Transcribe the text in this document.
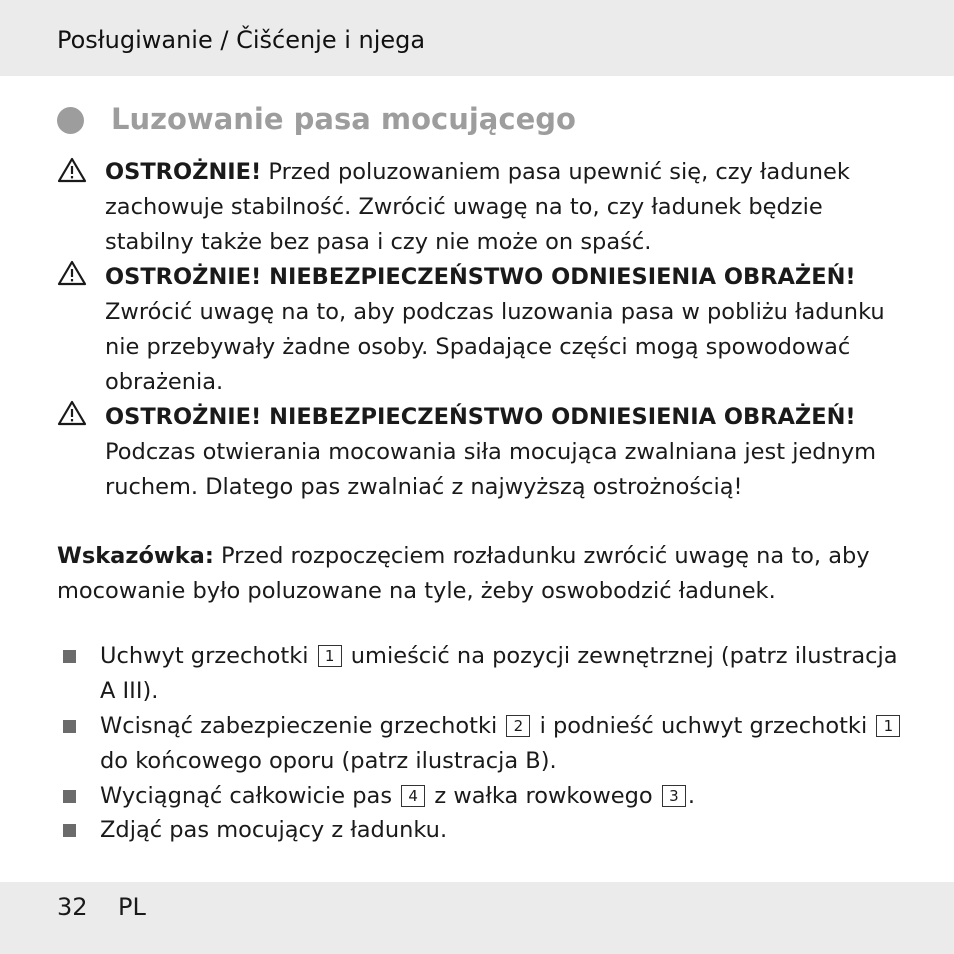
Posługiwanie / Čišćenje i njega
Luzowanie pasa mocującego
OSTROŻNIE! Przed poluzowaniem pasa upewnić się, czy ładunek zachowuje stabilność. Zwrócić uwagę na to, czy ładunek będzie stabilny także bez pasa i czy nie może on spaść.
OSTROŻNIE! NIEBEZPIECZEŃSTWO ODNIESIENIA OBRAŻEŃ! Zwrócić uwagę na to, aby podczas luzowania pasa w pobliżu ładunku nie przebywały żadne osoby. Spadające części mogą spowodować obrażenia.
OSTROŻNIE! NIEBEZPIECZEŃSTWO ODNIESIENIA OBRAŻEŃ! Podczas otwierania mocowania siła mocująca zwalniana jest jednym ruchem. Dlatego pas zwalniać z najwyższą ostrożnością!
Wskazówka: Przed rozpoczęciem rozładunku zwrócić uwagę na to, aby mocowanie było poluzowane na tyle, żeby oswobodzić ładunek.
Uchwyt grzechotki 1 umieścić na pozycji zewnętrznej (patrz ilustracja A III).
Wcisnąć zabezpieczenie grzechotki 2 i podnieść uchwyt grzechotki 1 do końcowego oporu (patrz ilustracja B).
Wyciągnąć całkowicie pas 4 z wałka rowkowego 3 .
Zdjąć pas mocujący z ładunku.
32 PL
